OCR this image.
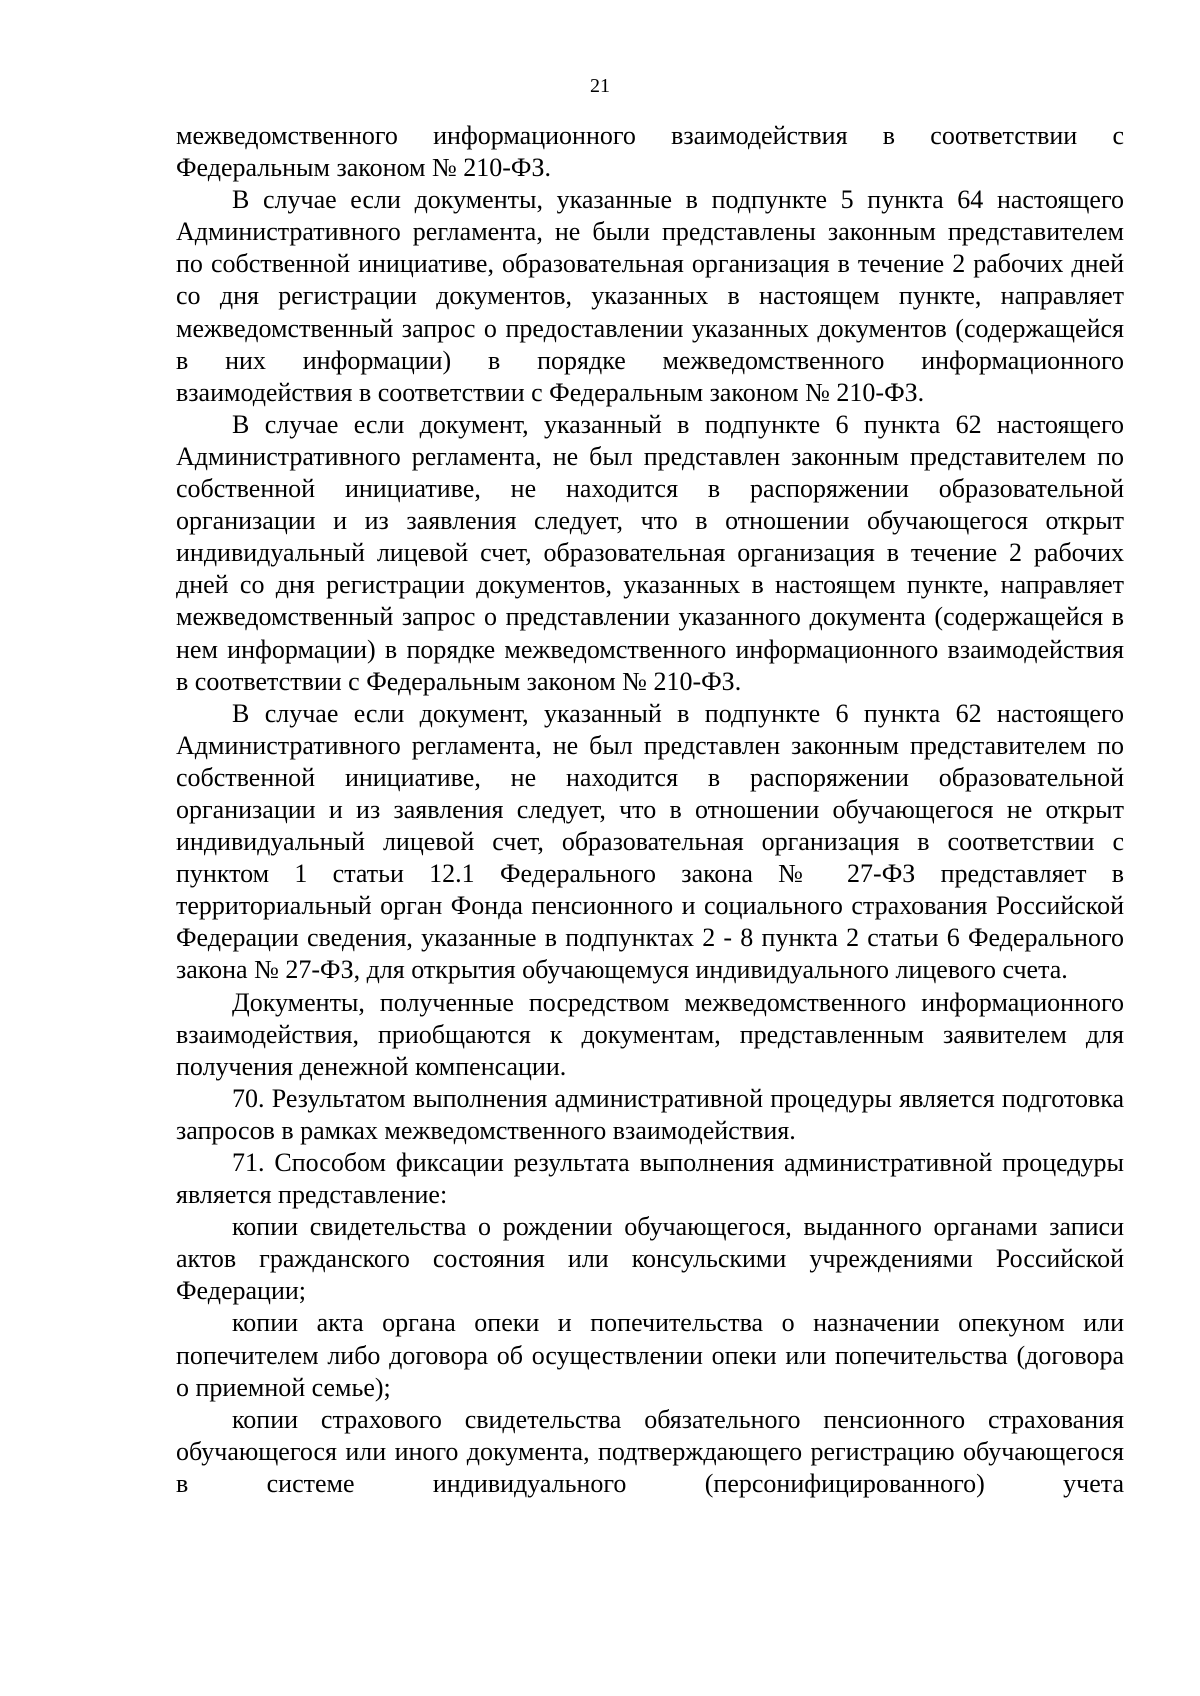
21

межведомственного информационного взаимодействия в соответствии с Федеральным законом № 210-ФЗ.

В случае если документы, указанные в подпункте 5 пункта 64 настоящего Административного регламента, не были представлены законным представителем по собственной инициативе, образовательная организация в течение 2 рабочих дней со дня регистрации документов, указанных в настоящем пункте, направляет межведомственный запрос о предоставлении указанных документов (содержащейся в них информации) в порядке межведомственного информационного взаимодействия в соответствии с Федеральным законом № 210-ФЗ.

В случае если документ, указанный в подпункте 6 пункта 62 настоящего Административного регламента, не был представлен законным представителем по собственной инициативе, не находится в распоряжении образовательной организации и из заявления следует, что в отношении обучающегося открыт индивидуальный лицевой счет, образовательная организация в течение 2 рабочих дней со дня регистрации документов, указанных в настоящем пункте, направляет межведомственный запрос о представлении указанного документа (содержащейся в нем информации) в порядке межведомственного информационного взаимодействия в соответствии с Федеральным законом № 210-ФЗ.

В случае если документ, указанный в подпункте 6 пункта 62 настоящего Административного регламента, не был представлен законным представителем по собственной инициативе, не находится в распоряжении образовательной организации и из заявления следует, что в отношении обучающегося не открыт индивидуальный лицевой счет, образовательная организация в соответствии с пунктом 1 статьи 12.1 Федерального закона № 27-ФЗ представляет в территориальный орган Фонда пенсионного и социального страхования Российской Федерации сведения, указанные в подпунктах 2 - 8 пункта 2 статьи 6 Федерального закона № 27-ФЗ, для открытия обучающемуся индивидуального лицевого счета.

Документы, полученные посредством межведомственного информационного взаимодействия, приобщаются к документам, представленным заявителем для получения денежной компенсации.

70. Результатом выполнения административной процедуры является подготовка запросов в рамках межведомственного взаимодействия.

71. Способом фиксации результата выполнения административной процедуры является представление:

копии свидетельства о рождении обучающегося, выданного органами записи актов гражданского состояния или консульскими учреждениями Российской Федерации;

копии акта органа опеки и попечительства о назначении опекуном или попечителем либо договора об осуществлении опеки или попечительства (договора о приемной семье);

копии страхового свидетельства обязательного пенсионного страхования обучающегося или иного документа, подтверждающего регистрацию обучающегося в системе индивидуального (персонифицированного) учета
